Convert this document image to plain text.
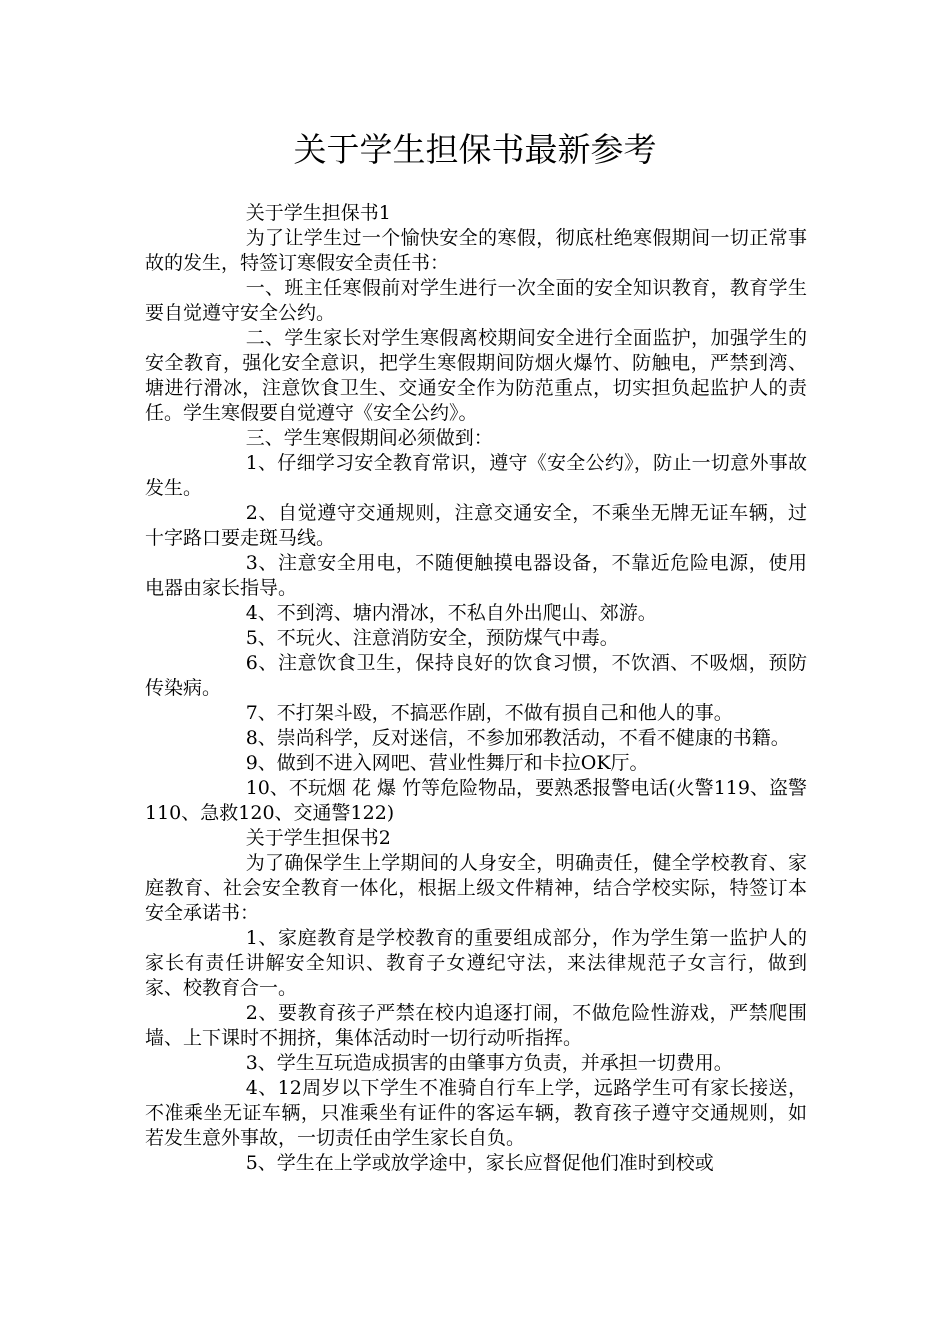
关于学生担保书最新参考

关于学生担保书1

为了让学生过一个愉快安全的寒假，彻底杜绝寒假期间一切正常事故的发生，特签订寒假安全责任书：

一、班主任寒假前对学生进行一次全面的安全知识教育，教育学生要自觉遵守安全公约。

二、学生家长对学生寒假离校期间安全进行全面监护，加强学生的安全教育，强化安全意识，把学生寒假期间防烟火爆竹、防触电，严禁到湾、塘进行滑冰，注意饮食卫生、交通安全作为防范重点，切实担负起监护人的责任。学生寒假要自觉遵守《安全公约》。

三、学生寒假期间必须做到：

1、仔细学习安全教育常识，遵守《安全公约》，防止一切意外事故发生。

2、自觉遵守交通规则，注意交通安全，不乘坐无牌无证车辆，过十字路口要走斑马线。

3、注意安全用电，不随便触摸电器设备，不靠近危险电源，使用电器由家长指导。

4、不到湾、塘内滑冰，不私自外出爬山、郊游。

5、不玩火、注意消防安全，预防煤气中毒。

6、注意饮食卫生，保持良好的饮食习惯，不饮酒、不吸烟，预防传染病。

7、不打架斗殴，不搞恶作剧，不做有损自己和他人的事。

8、崇尚科学，反对迷信，不参加邪教活动，不看不健康的书籍。

9、做到不进入网吧、营业性舞厅和卡拉OK厅。

10、不玩烟 花 爆 竹等危险物品，要熟悉报警电话(火警119、盗警110、急救120、交通警122)

关于学生担保书2

为了确保学生上学期间的人身安全，明确责任，健全学校教育、家庭教育、社会安全教育一体化，根据上级文件精神，结合学校实际，特签订本安全承诺书：

1、家庭教育是学校教育的重要组成部分，作为学生第一监护人的家长有责任讲解安全知识、教育子女遵纪守法，来法律规范子女言行，做到家、校教育合一。

2、要教育孩子严禁在校内追逐打闹，不做危险性游戏，严禁爬围墙、上下课时不拥挤，集体活动时一切行动听指挥。

3、学生互玩造成损害的由肇事方负责，并承担一切费用。

4、12周岁以下学生不准骑自行车上学，远路学生可有家长接送，不准乘坐无证车辆，只准乘坐有证件的客运车辆，教育孩子遵守交通规则，如若发生意外事故，一切责任由学生家长自负。

5、学生在上学或放学途中，家长应督促他们准时到校或
